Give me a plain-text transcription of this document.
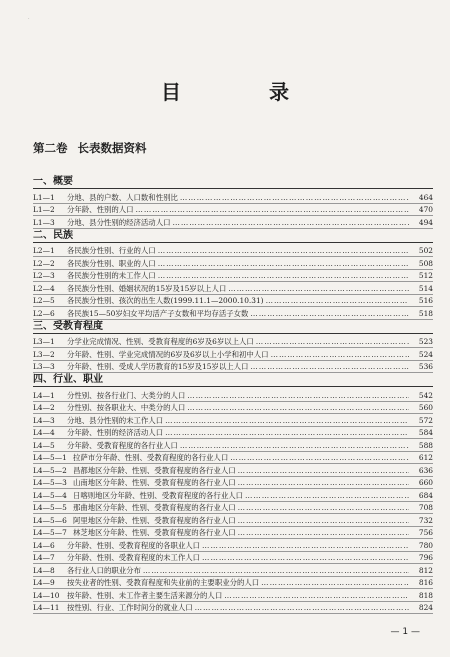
·
目　录
第二卷 长表数据资料
一、概要
L1—1	分地、县的户数、人口数和性别比 ………………………………………………………………………………………………………………………………………………	464
L1—2	分年龄、性别的人口 ………………………………………………………………………………………………………………………………………………	470
L1—3	分地、县分性别的经济活动人口 ………………………………………………………………………………………………………………………………………………	494
二、民族
L2—1	各民族分性别、行业的人口 ………………………………………………………………………………………………………………………………………………	502
L2—2	各民族分性别、职业的人口 ………………………………………………………………………………………………………………………………………………	508
L2—3	各民族分性别的未工作人口 ………………………………………………………………………………………………………………………………………………	512
L2—4	各民族分性别、婚姻状况的15岁及15岁以上人口 ………………………………………………………………………………………………………………………………………………	514
L2—5	各民族分性别、孩次的出生人数(1999.11.1—2000.10.31) ………………………………………………………………………………………………………………………………………………	516
L2—6	各民族15—50岁妇女平均活产子女数和平均存活子女数 ………………………………………………………………………………………………………………………………………………	518
三、受教育程度
L3—1	分学业完成情况、性别、受教育程度的6岁及6岁以上人口 ………………………………………………………………………………………………………………………………………………	523
L3—2	分年龄、性别、学业完成情况的6岁及6岁以上小学和初中人口 ………………………………………………………………………………………………………………………………………………	524
L3—3	分年龄、性别、受成人学历教育的15岁及15岁以上人口 ………………………………………………………………………………………………………………………………………………	536
四、行业、职业
L4—1	分性别、按各行业门、大类分的人口 ………………………………………………………………………………………………………………………………………………	542
L4—2	分性别、按各职业大、中类分的人口 ………………………………………………………………………………………………………………………………………………	560
L4—3	分地、县分性别的未工作人口 ………………………………………………………………………………………………………………………………………………	572
L4—4	分年龄、性别的经济活动人口 ………………………………………………………………………………………………………………………………………………	584
L4—5	分年龄、受教育程度的各行业人口 ………………………………………………………………………………………………………………………………………………	588
L4—5—1 拉萨市分年龄、性别、受教育程度的各行业人口 ………………………………………………………………………………………………………………………………………………	612
L4—5—2 昌都地区分年龄、性别、受教育程度的各行业人口 ………………………………………………………………………………………………………………………………………………	636
L4—5—3 山南地区分年龄、性别、受教育程度的各行业人口 ………………………………………………………………………………………………………………………………………………	660
L4—5—4 日喀则地区分年龄、性别、受教育程度的各行业人口 ………………………………………………………………………………………………………………………………………………	684
L4—5—5 那曲地区分年龄、性别、受教育程度的各行业人口 ………………………………………………………………………………………………………………………………………………	708
L4—5—6 阿里地区分年龄、性别、受教育程度的各行业人口 ………………………………………………………………………………………………………………………………………………	732
L4—5—7 林芝地区分年龄、性别、受教育程度的各行业人口 ………………………………………………………………………………………………………………………………………………	756
L4—6	分年龄、性别、受教育程度的各职业人口 ………………………………………………………………………………………………………………………………………………	780
L4—7	分年龄、性别、受教育程度的未工作人口 ………………………………………………………………………………………………………………………………………………	796
L4—8	各行业人口的职业分布 ………………………………………………………………………………………………………………………………………………	812
L4—9	按失业者的性别、受教育程度和失业前的主要职业分的人口 ………………………………………………………………………………………………………………………………………………	816
L4—10	按年龄、性别、未工作者主要生活来源分的人口 ………………………………………………………………………………………………………………………………………………	818
L4—11	按性别、行业、工作时间分的就业人口 ………………………………………………………………………………………………………………………………………………	824
— 1 —
